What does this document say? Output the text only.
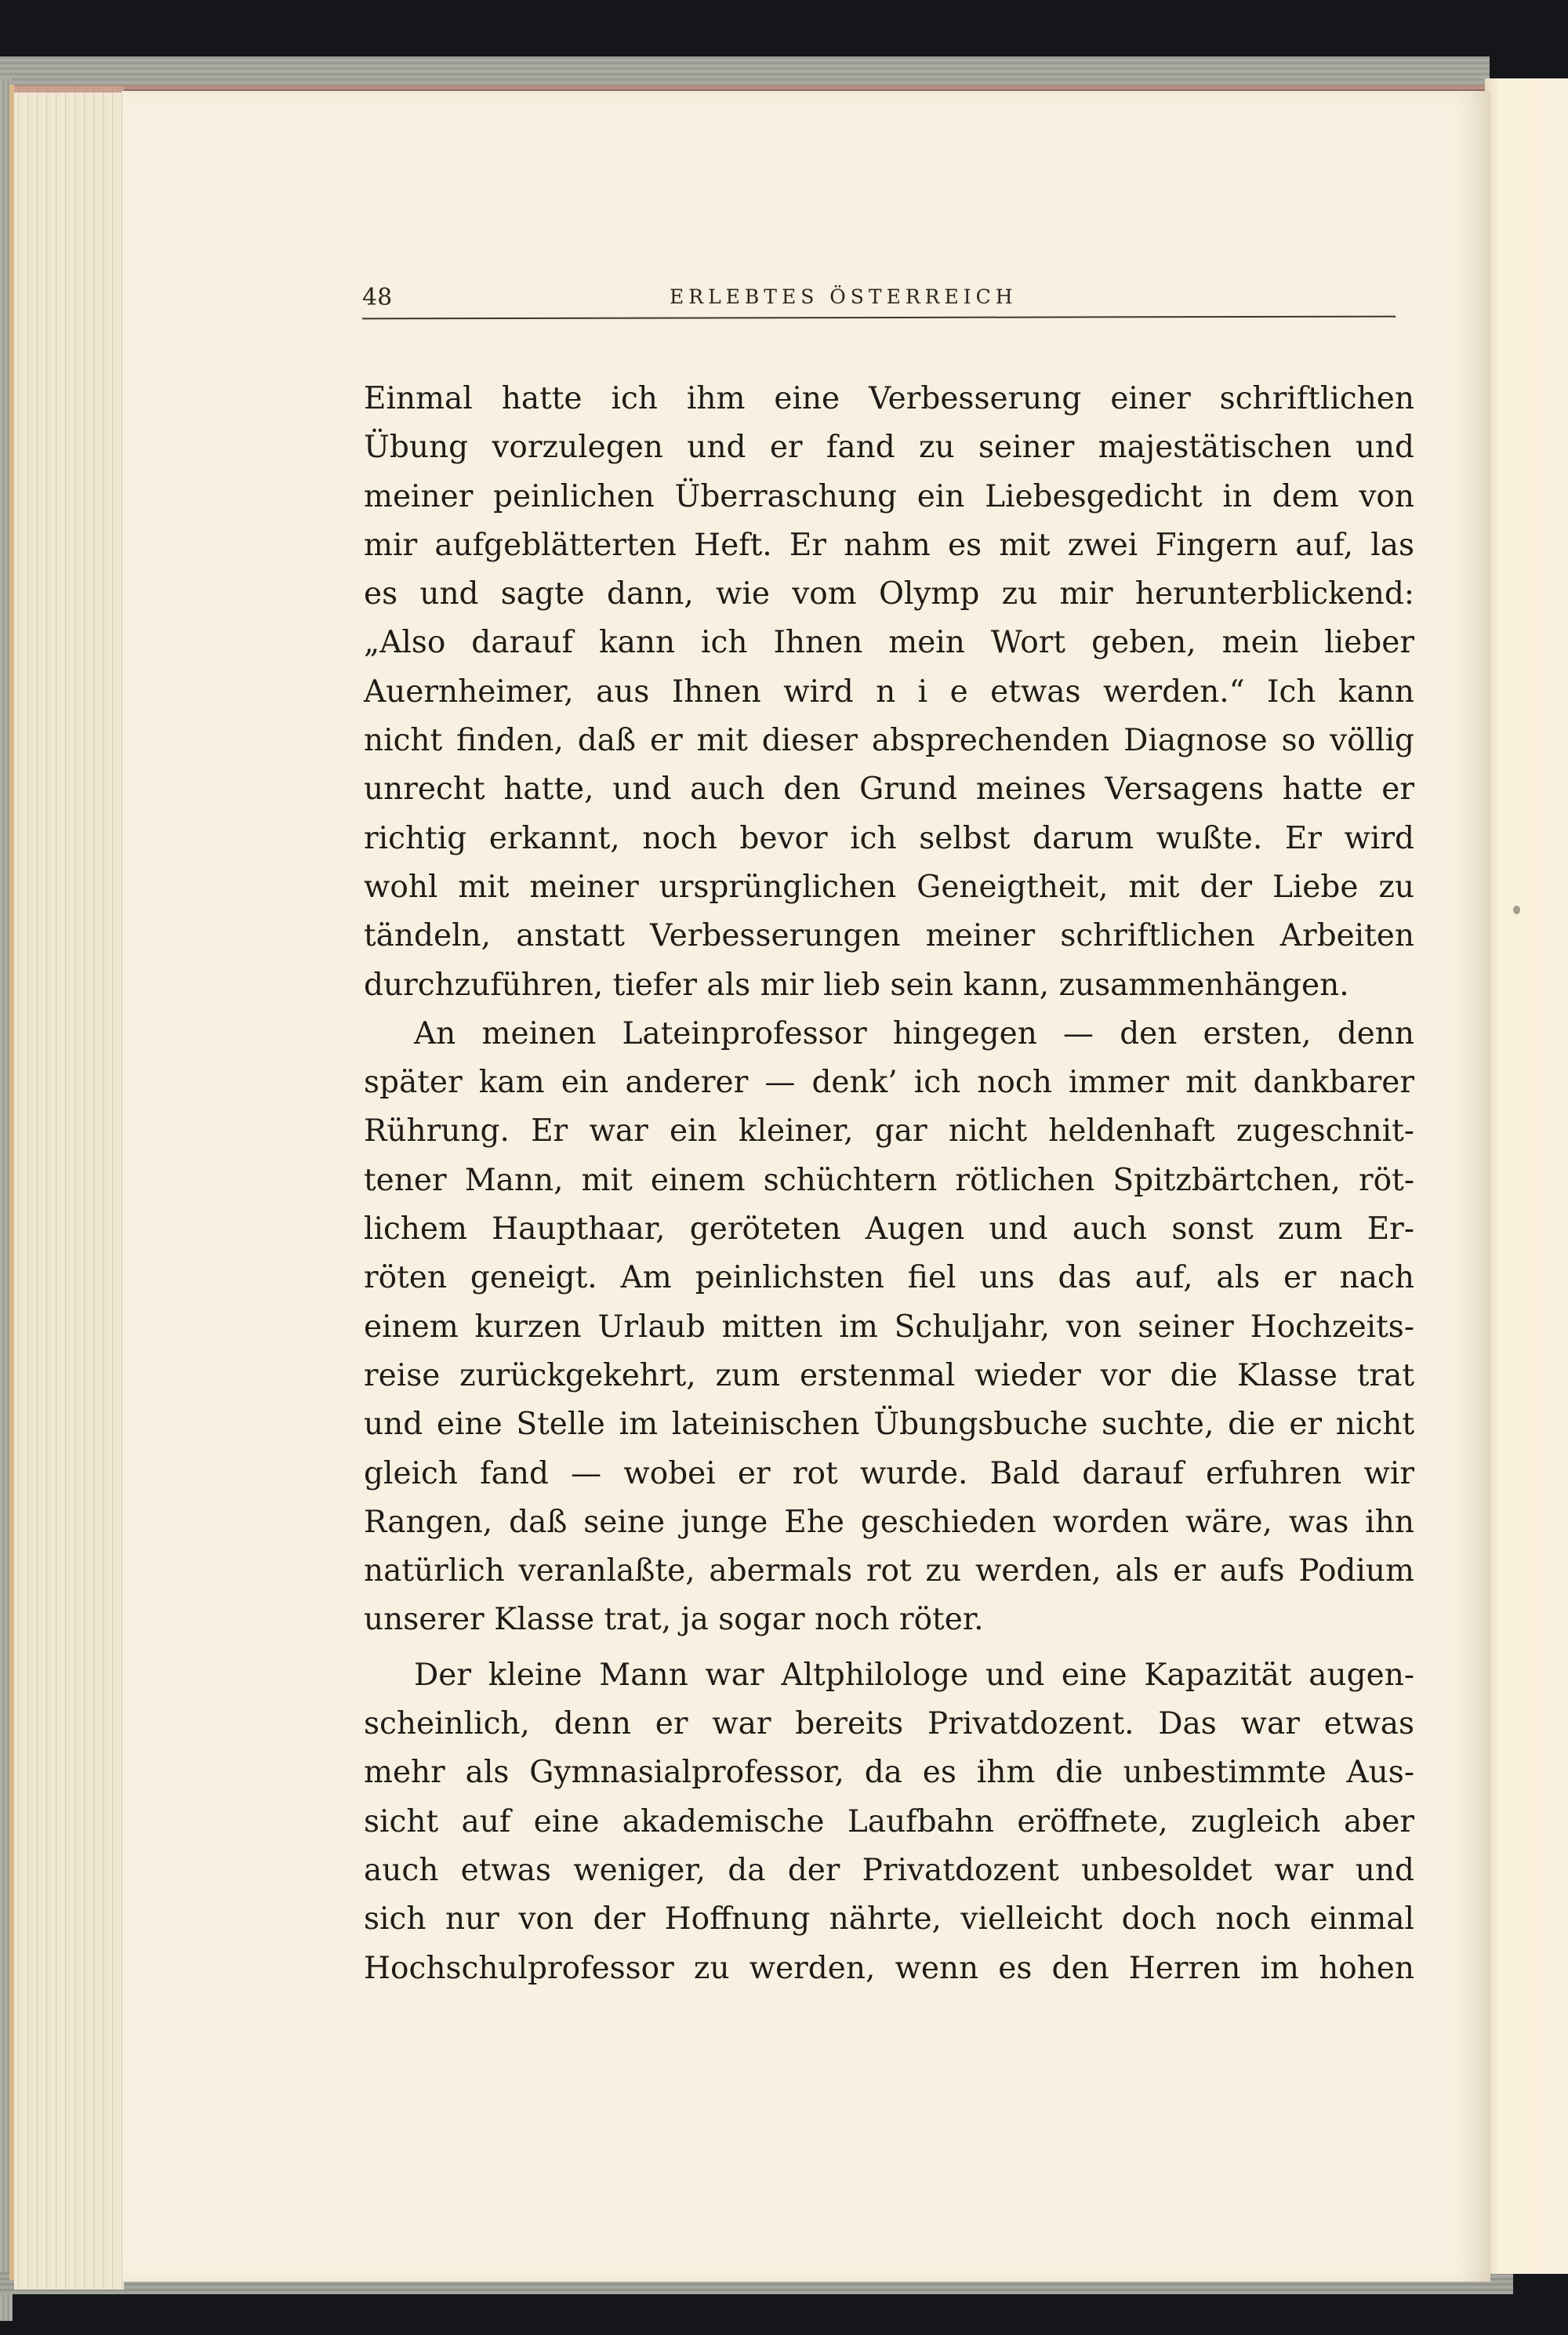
48	ERLEBTES ÖSTERREICH
Einmal hatte ich ihm eine Verbesserung einer schriftlichen
Übung vorzulegen und er fand zu seiner majestätischen und
meiner peinlichen Überraschung ein Liebesgedicht in dem von
mir aufgeblätterten Heft. Er nahm es mit zwei Fingern auf, las
es und sagte dann, wie vom Olymp zu mir herunterblickend:
„Also darauf kann ich Ihnen mein Wort geben, mein lieber
Auernheimer, aus Ihnen wird n i e etwas werden.“ Ich kann
nicht finden, daß er mit dieser absprechenden Diagnose so völlig
unrecht hatte, und auch den Grund meines Versagens hatte er
richtig erkannt, noch bevor ich selbst darum wußte. Er wird
wohl mit meiner ursprünglichen Geneigtheit, mit der Liebe zu
tändeln, anstatt Verbesserungen meiner schriftlichen Arbeiten
durchzuführen, tiefer als mir lieb sein kann, zusammenhängen.
An meinen Lateinprofessor hingegen — den ersten, denn
später kam ein anderer — denk’ ich noch immer mit dankbarer
Rührung. Er war ein kleiner, gar nicht heldenhaft zugeschnit-
tener Mann, mit einem schüchtern rötlichen Spitzbärtchen, röt-
lichem Haupthaar, geröteten Augen und auch sonst zum Er-
röten geneigt. Am peinlichsten fiel uns das auf, als er nach
einem kurzen Urlaub mitten im Schuljahr, von seiner Hochzeits-
reise zurückgekehrt, zum erstenmal wieder vor die Klasse trat
und eine Stelle im lateinischen Übungsbuche suchte, die er nicht
gleich fand — wobei er rot wurde. Bald darauf erfuhren wir
Rangen, daß seine junge Ehe geschieden worden wäre, was ihn
natürlich veranlaßte, abermals rot zu werden, als er aufs Podium
unserer Klasse trat, ja sogar noch röter.
Der kleine Mann war Altphilologe und eine Kapazität augen-
scheinlich, denn er war bereits Privatdozent. Das war etwas
mehr als Gymnasialprofessor, da es ihm die unbestimmte Aus-
sicht auf eine akademische Laufbahn eröffnete, zugleich aber
auch etwas weniger, da der Privatdozent unbesoldet war und
sich nur von der Hoffnung nährte, vielleicht doch noch einmal
Hochschulprofessor zu werden, wenn es den Herren im hohen
